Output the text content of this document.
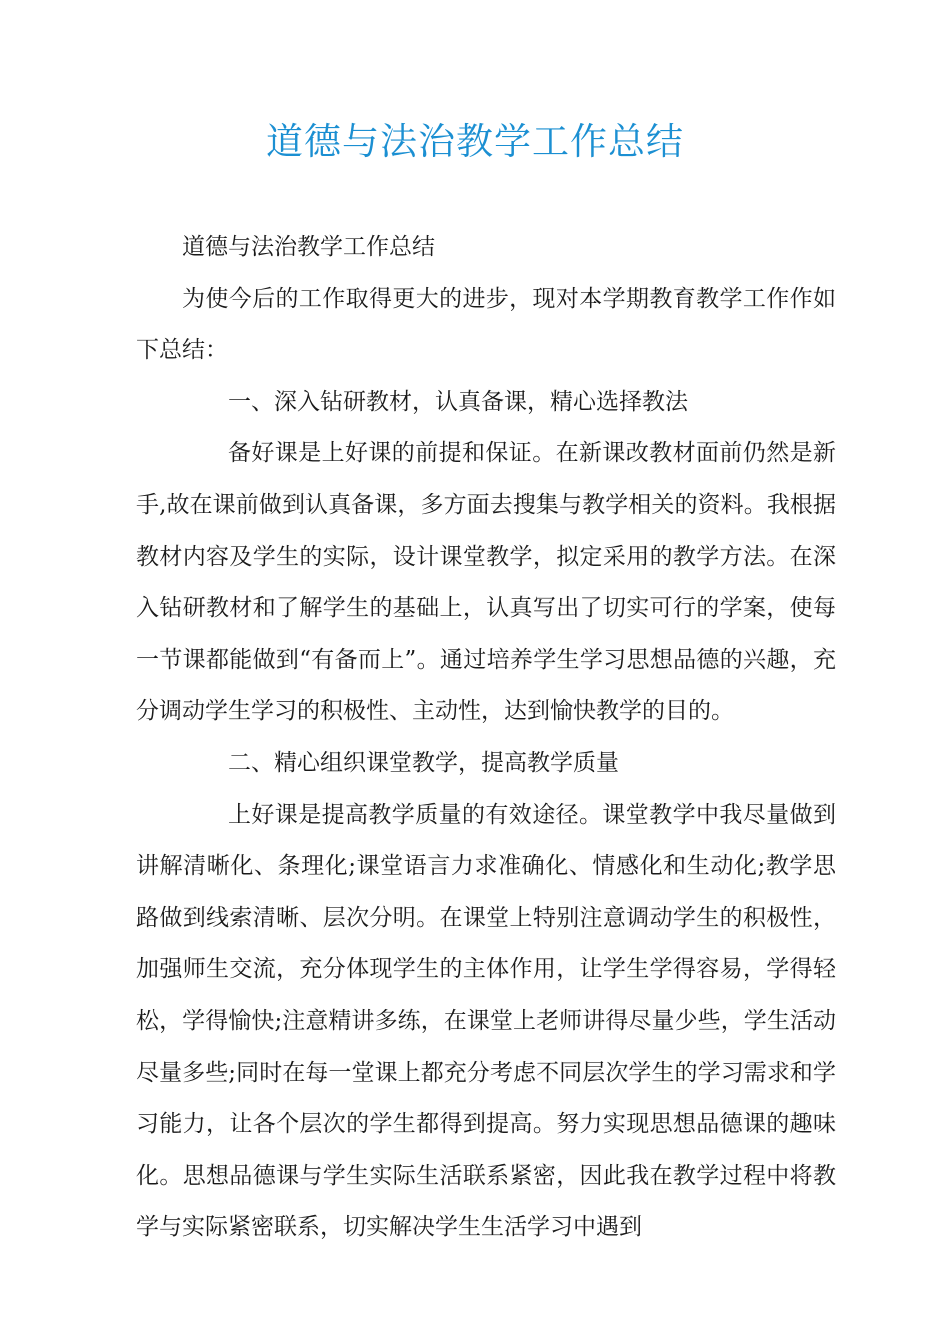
道德与法治教学工作总结

道德与法治教学工作总结

为使今后的工作取得更大的进步，现对本学期教育教学工作作如下总结：

一、深入钻研教材，认真备课，精心选择教法

备好课是上好课的前提和保证。在新课改教材面前仍然是新手,故在课前做到认真备课，多方面去搜集与教学相关的资料。我根据教材内容及学生的实际，设计课堂教学，拟定采用的教学方法。在深入钻研教材和了解学生的基础上，认真写出了切实可行的学案，使每一节课都能做到“有备而上”。通过培养学生学习思想品德的兴趣，充分调动学生学习的积极性、主动性，达到愉快教学的目的。

二、精心组织课堂教学，提高教学质量

上好课是提高教学质量的有效途径。课堂教学中我尽量做到讲解清晰化、条理化;课堂语言力求准确化、情感化和生动化;教学思路做到线索清晰、层次分明。在课堂上特别注意调动学生的积极性，加强师生交流，充分体现学生的主体作用，让学生学得容易，学得轻松，学得愉快;注意精讲多练，在课堂上老师讲得尽量少些，学生活动尽量多些;同时在每一堂课上都充分考虑不同层次学生的学习需求和学习能力，让各个层次的学生都得到提高。努力实现思想品德课的趣味化。思想品德课与学生实际生活联系紧密，因此我在教学过程中将教学与实际紧密联系，切实解决学生生活学习中遇到
